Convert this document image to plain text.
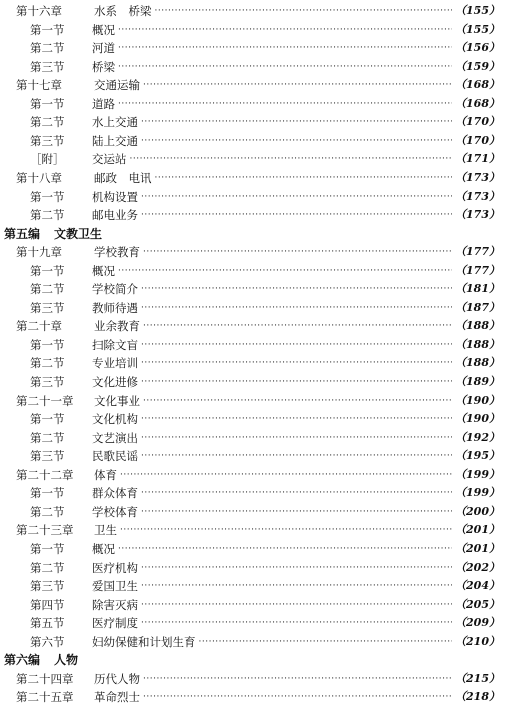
第十六章	水系　桥梁 ·····	（155）
第一节	概况 ·····	（155）
第二节	河道 ·····	（156）
第三节	桥梁 ·····	（159）
第十七章	交通运输 ·····	（168）
第一节	道路 ·····	（168）
第二节	水上交通 ·····	（170）
第三节	陆上交通 ·····	（170）
［附］	交运站 ·····	（171）
第十八章	邮政　电讯 ·····	（173）
第一节	机构设置 ·····	（173）
第二节	邮电业务 ·····	（173）
第五编	文教卫生
第十九章	学校教育 ·····	（177）
第一节	概况 ·····	（177）
第二节	学校简介 ·····	（181）
第三节	教师待遇 ·····	（187）
第二十章	业余教育 ·····	（188）
第一节	扫除文盲 ·····	（188）
第二节	专业培训 ·····	（188）
第三节	文化进修 ·····	（189）
第二十一章	文化事业 ·····	（190）
第一节	文化机构 ·····	（190）
第二节	文艺演出 ·····	（192）
第三节	民歌民谣 ·····	（195）
第二十二章	体育 ·····	（199）
第一节	群众体育 ·····	（199）
第二节	学校体育 ·····	（200）
第二十三章	卫生 ·····	（201）
第一节	概况 ·····	（201）
第二节	医疗机构 ·····	（202）
第三节	爱国卫生 ·····	（204）
第四节	除害灭病 ·····	（205）
第五节	医疗制度 ·····	（209）
第六节	妇幼保健和计划生育 ·····	（210）
第六编	人物
第二十四章	历代人物 ·····	（215）
第二十五章	革命烈士 ·····	（218）
